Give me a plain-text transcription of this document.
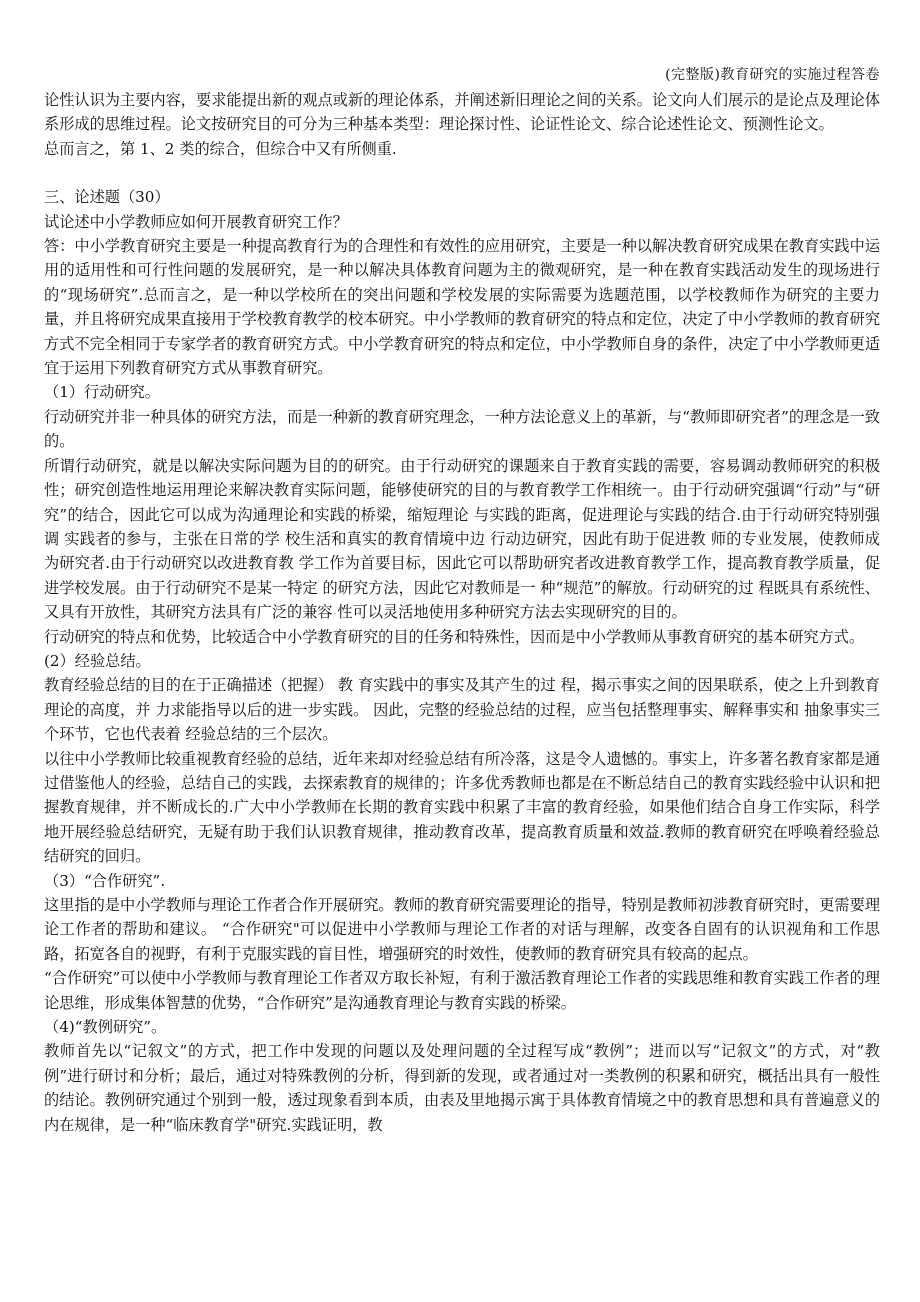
(完整版)教育研究的实施过程答卷

论性认识为主要内容，要求能提出新的观点或新的理论体系，并阐述新旧理论之间的关系。论文向人们展示的是论点及理论体系形成的思维过程。论文按研究目的可分为三种基本类型：理论探讨性、论证性论文、综合论述性论文、预测性论文。

总而言之，第 1、2 类的综合，但综合中又有所侧重.

三、论述题（30）

试论述中小学教师应如何开展教育研究工作？

答：中小学教育研究主要是一种提高教育行为的合理性和有效性的应用研究，主要是一种以解决教育研究成果在教育实践中运用的适用性和可行性问题的发展研究，是一种以解决具体教育问题为主的微观研究，是一种在教育实践活动发生的现场进行的“现场研究”.总而言之，是一种以学校所在的突出问题和学校发展的实际需要为选题范围，以学校教师作为研究的主要力量，并且将研究成果直接用于学校教育教学的校本研究。中小学教师的教育研究的特点和定位，决定了中小学教师的教育研究方式不完全相同于专家学者的教育研究方式。中小学教育研究的特点和定位，中小学教师自身的条件，决定了中小学教师更适宜于运用下列教育研究方式从事教育研究。

（1）行动研究。

行动研究并非一种具体的研究方法，而是一种新的教育研究理念，一种方法论意义上的革新，与“教师即研究者”的理念是一致的。

所谓行动研究，就是以解决实际问题为目的的研究。由于行动研究的课题来自于教育实践的需要，容易调动教师研究的积极性；研究创造性地运用理论来解决教育实际问题，能够使研究的目的与教育教学工作相统一。由于行动研究强调“行动”与“研究”的结合，因此它可以成为沟通理论和实践的桥梁，缩短理论 与实践的距离，促进理论与实践的结合.由于行动研究特别强调 实践者的参与，主张在日常的学 校生活和真实的教育情境中边 行动边研究，因此有助于促进教 师的专业发展，使教师成为研究者.由于行动研究以改进教育教 学工作为首要目标，因此它可以帮助研究者改进教育教学工作，提高教育教学质量，促进学校发展。由于行动研究不是某一特定 的研究方法，因此它对教师是一 种“规范”的解放。行动研究的过 程既具有系统性、又具有开放性，其研究方法具有广泛的兼容 性可以灵活地使用多种研究方法去实现研究的目的。

行动研究的特点和优势，比较适合中小学教育研究的目的任务和特殊性，因而是中小学教师从事教育研究的基本研究方式。

(2）经验总结。

教育经验总结的目的在于正确描述（把握） 教 育实践中的事实及其产生的过 程，揭示事实之间的因果联系，使之上升到教育理论的高度，并 力求能指导以后的进一步实践。 因此，完整的经验总结的过程，应当包括整理事实、解释事实和 抽象事实三个环节，它也代表着 经验总结的三个层次。

以往中小学教师比较重视教育经验的总结，近年来却对经验总结有所冷落，这是令人遗憾的。事实上，许多著名教育家都是通过借鉴他人的经验，总结自己的实践，去探索教育的规律的；许多优秀教师也都是在不断总结自己的教育实践经验中认识和把握教育规律，并不断成长的.广大中小学教师在长期的教育实践中积累了丰富的教育经验，如果他们结合自身工作实际，科学地开展经验总结研究，无疑有助于我们认识教育规律，推动教育改革，提高教育质量和效益.教师的教育研究在呼唤着经验总结研究的回归。

（3）“合作研究”.

这里指的是中小学教师与理论工作者合作开展研究。教师的教育研究需要理论的指导，特别是教师初涉教育研究时，更需要理论工作者的帮助和建议。 “合作研究"可以促进中小学教师与理论工作者的对话与理解，改变各自固有的认识视角和工作思路，拓宽各自的视野，有利于克服实践的盲目性，增强研究的时效性，使教师的教育研究具有较高的起点。

“合作研究”可以使中小学教师与教育理论工作者双方取长补短，有利于激活教育理论工作者的实践思维和教育实践工作者的理论思维，形成集体智慧的优势，“合作研究”是沟通教育理论与教育实践的桥梁。

（4)“教例研究”。

教师首先以“记叙文”的方式，把工作中发现的问题以及处理问题的全过程写成“教例”；进而以写“记叙文”的方式，对“教例”进行研讨和分析；最后，通过对特殊教例的分析，得到新的发现，或者通过对一类教例的积累和研究，概括出具有一般性的结论。教例研究通过个别到一般，透过现象看到本质，由表及里地揭示寓于具体教育情境之中的教育思想和具有普遍意义的内在规律，是一种“临床教育学"研究.实践证明，教
